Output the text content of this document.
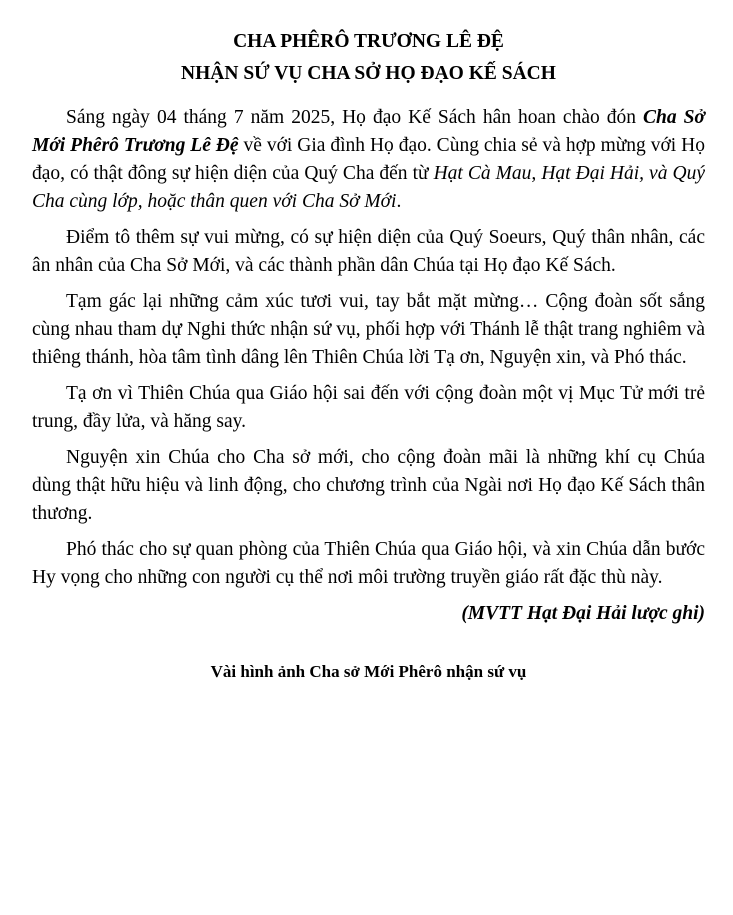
CHA PHÊRÔ TRƯƠNG LÊ ĐỆ

NHẬN SỨ VỤ CHA SỞ HỌ ĐẠO KẾ SÁCH

Sáng ngày 04 tháng 7 năm 2025, Họ đạo Kế Sách hân hoan chào đón Cha Sở Mới Phêrô Trương Lê Đệ về với Gia đình Họ đạo. Cùng chia sẻ và hợp mừng với Họ đạo, có thật đông sự hiện diện của Quý Cha đến từ Hạt Cà Mau, Hạt Đại Hải, và Quý Cha cùng lớp, hoặc thân quen với Cha Sở Mới.

Điểm tô thêm sự vui mừng, có sự hiện diện của Quý Soeurs, Quý thân nhân, các ân nhân của Cha Sở Mới, và các thành phần dân Chúa tại Họ đạo Kế Sách.

Tạm gác lại những cảm xúc tươi vui, tay bắt mặt mừng… Cộng đoàn sốt sắng cùng nhau tham dự Nghi thức nhận sứ vụ, phối hợp với Thánh lễ thật trang nghiêm và thiêng thánh, hòa tâm tình dâng lên Thiên Chúa lời Tạ ơn, Nguyện xin, và Phó thác.

Tạ ơn vì Thiên Chúa qua Giáo hội sai đến với cộng đoàn một vị Mục Tử mới trẻ trung, đầy lửa, và hăng say.

Nguyện xin Chúa cho Cha sở mới, cho cộng đoàn mãi là những khí cụ Chúa dùng thật hữu hiệu và linh động, cho chương trình của Ngài nơi Họ đạo Kế Sách thân thương.

Phó thác cho sự quan phòng của Thiên Chúa qua Giáo hội, và xin Chúa dẫn bước Hy vọng cho những con người cụ thể nơi môi trường truyền giáo rất đặc thù này.

(MVTT Hạt Đại Hải lược ghi)

Vài hình ảnh Cha sở Mới Phêrô nhận sứ vụ
